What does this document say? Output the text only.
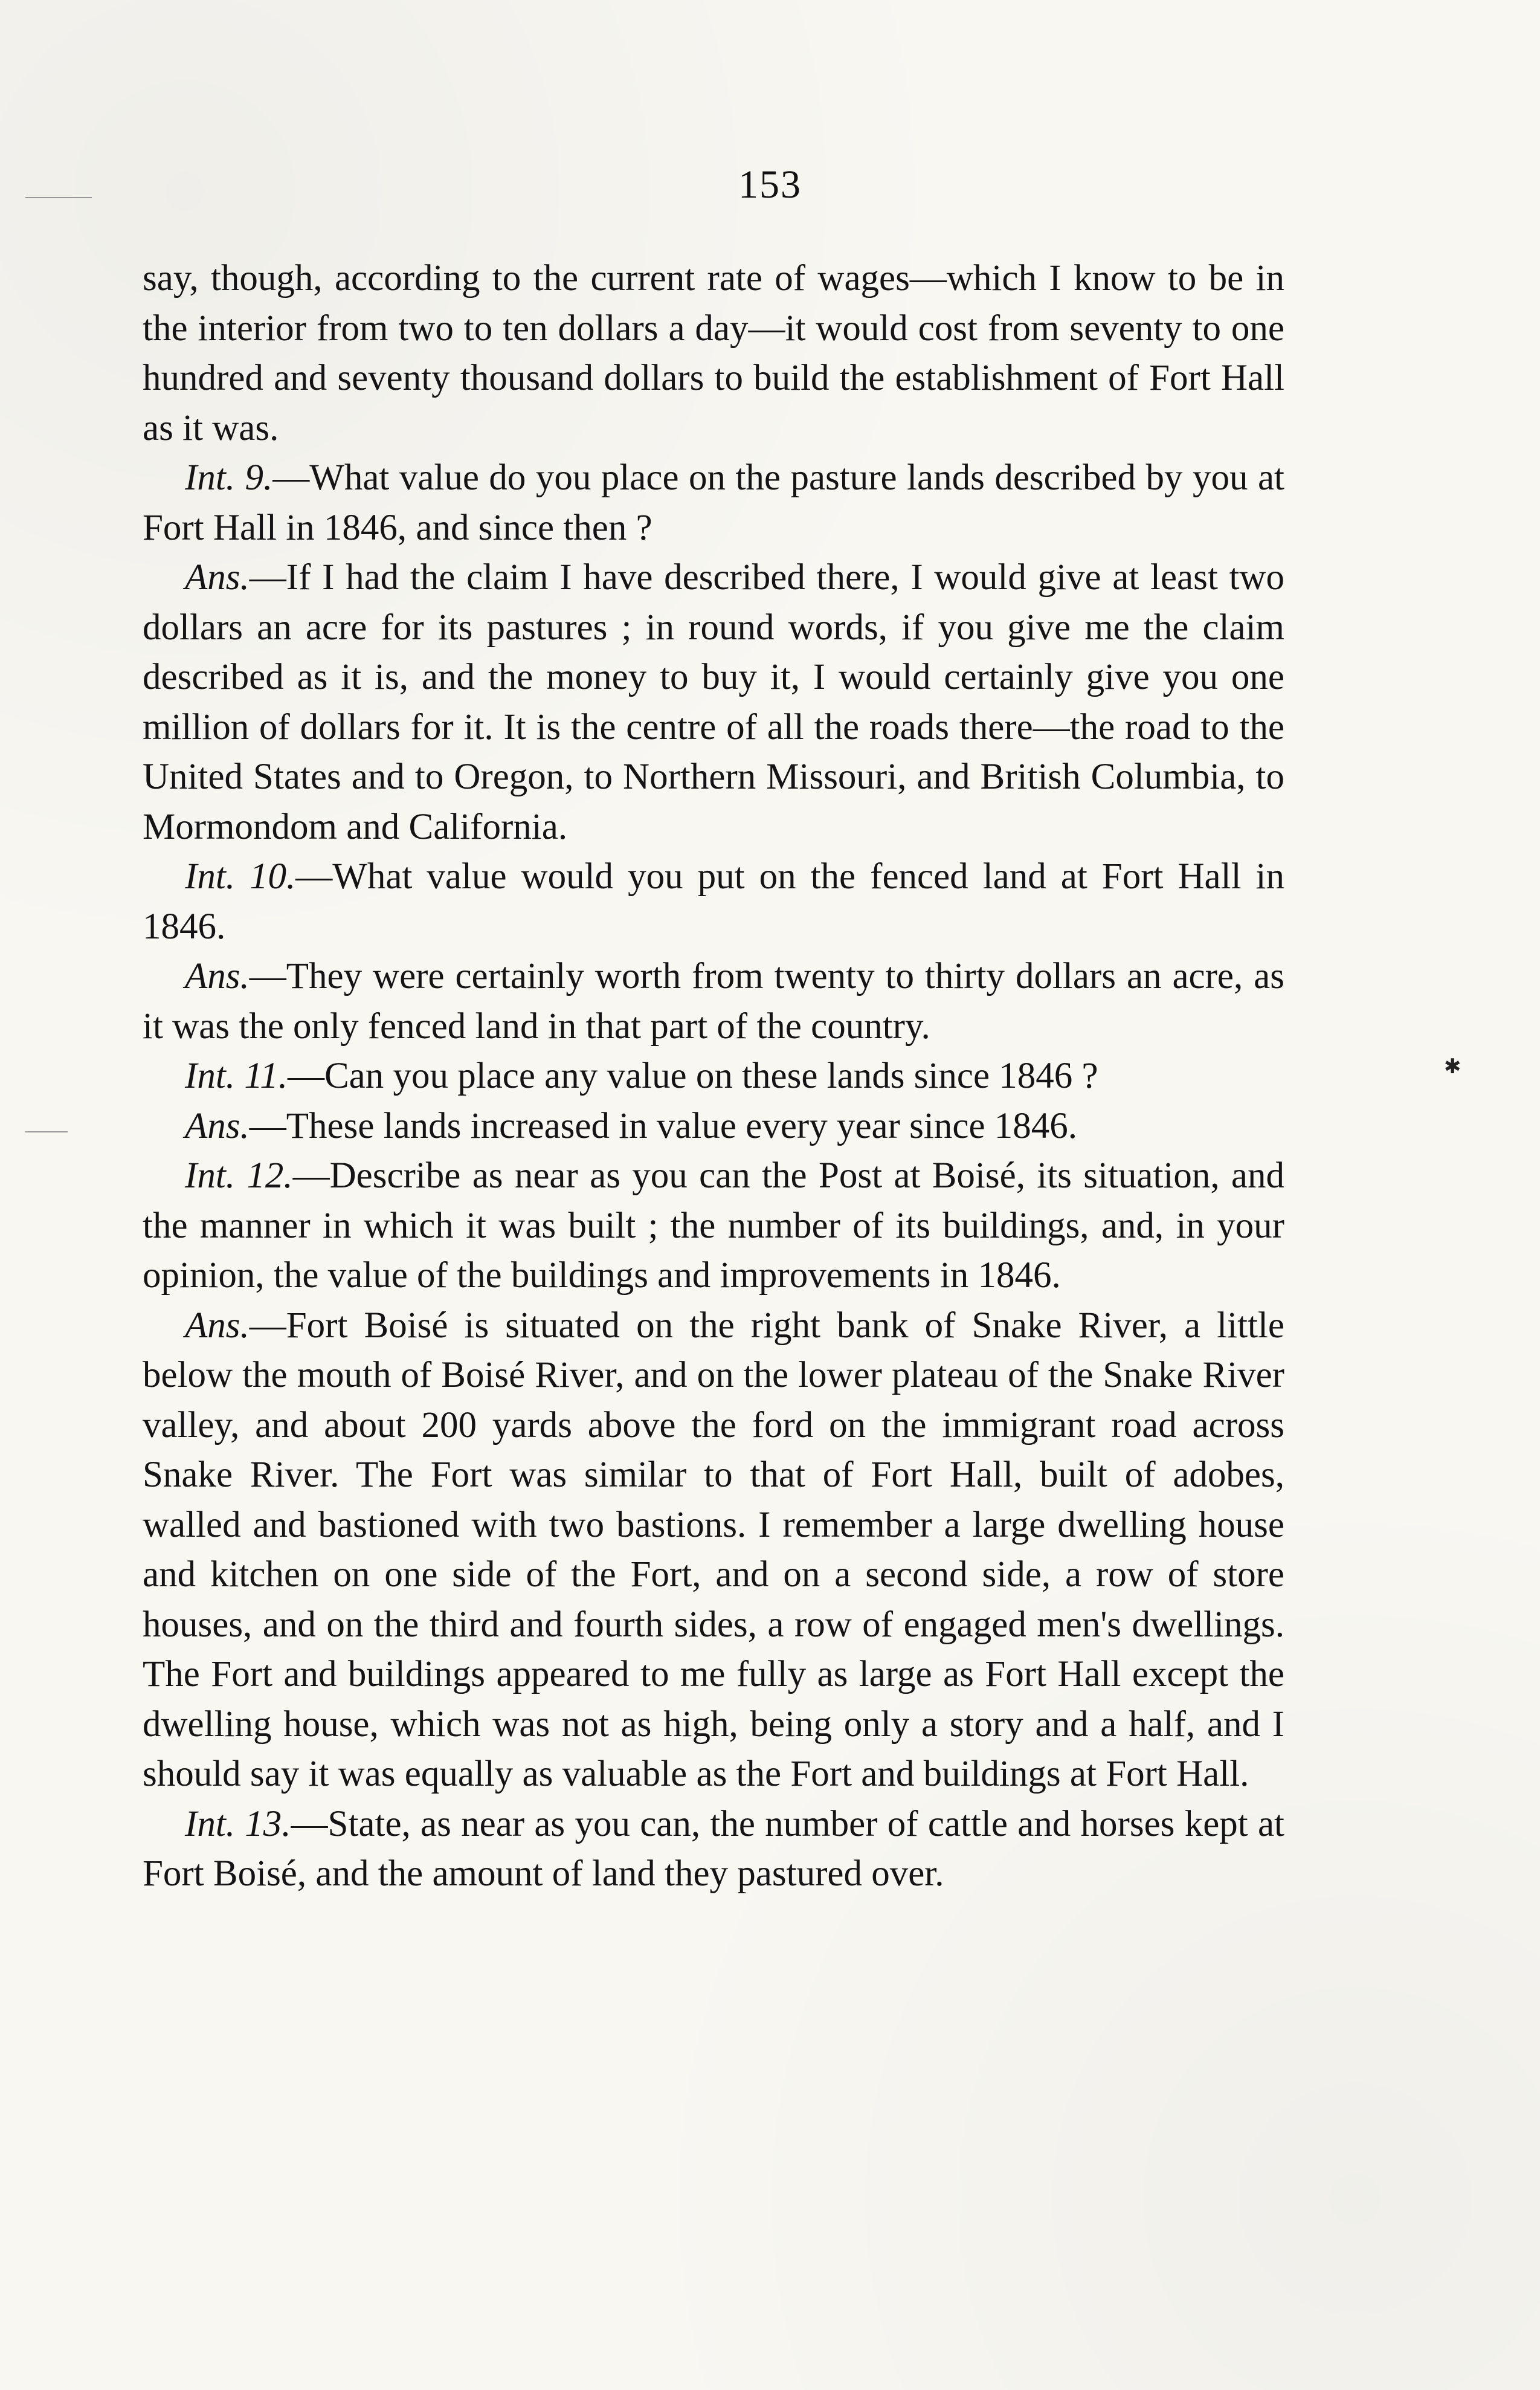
153
✱

say, though, according to the current rate of wages—which I know to be in the interior from two to ten dollars a day—it would cost from seventy to one hundred and seventy thousand dollars to build the establishment of Fort Hall as it was.

Int. 9.—What value do you place on the pasture lands described by you at Fort Hall in 1846, and since then ?

Ans.—If I had the claim I have described there, I would give at least two dollars an acre for its pastures ; in round words, if you give me the claim described as it is, and the money to buy it, I would certainly give you one million of dollars for it. It is the centre of all the roads there—the road to the United States and to Oregon, to Northern Missouri, and British Columbia, to Mormondom and California.

Int. 10.—What value would you put on the fenced land at Fort Hall in 1846.

Ans.—They were certainly worth from twenty to thirty dollars an acre, as it was the only fenced land in that part of the country.

Int. 11.—Can you place any value on these lands since 1846 ?

Ans.—These lands increased in value every year since 1846.

Int. 12.—Describe as near as you can the Post at Boisé, its situation, and the manner in which it was built ; the number of its buildings, and, in your opinion, the value of the buildings and improvements in 1846.

Ans.—Fort Boisé is situated on the right bank of Snake River, a little below the mouth of Boisé River, and on the lower plateau of the Snake River valley, and about 200 yards above the ford on the immigrant road across Snake River. The Fort was similar to that of Fort Hall, built of adobes, walled and bastioned with two bastions. I remember a large dwelling house and kitchen on one side of the Fort, and on a second side, a row of store houses, and on the third and fourth sides, a row of engaged men's dwellings. The Fort and buildings appeared to me fully as large as Fort Hall except the dwelling house, which was not as high, being only a story and a half, and I should say it was equally as valuable as the Fort and buildings at Fort Hall.

Int. 13.—State, as near as you can, the number of cattle and horses kept at Fort Boisé, and the amount of land they pastured over.
